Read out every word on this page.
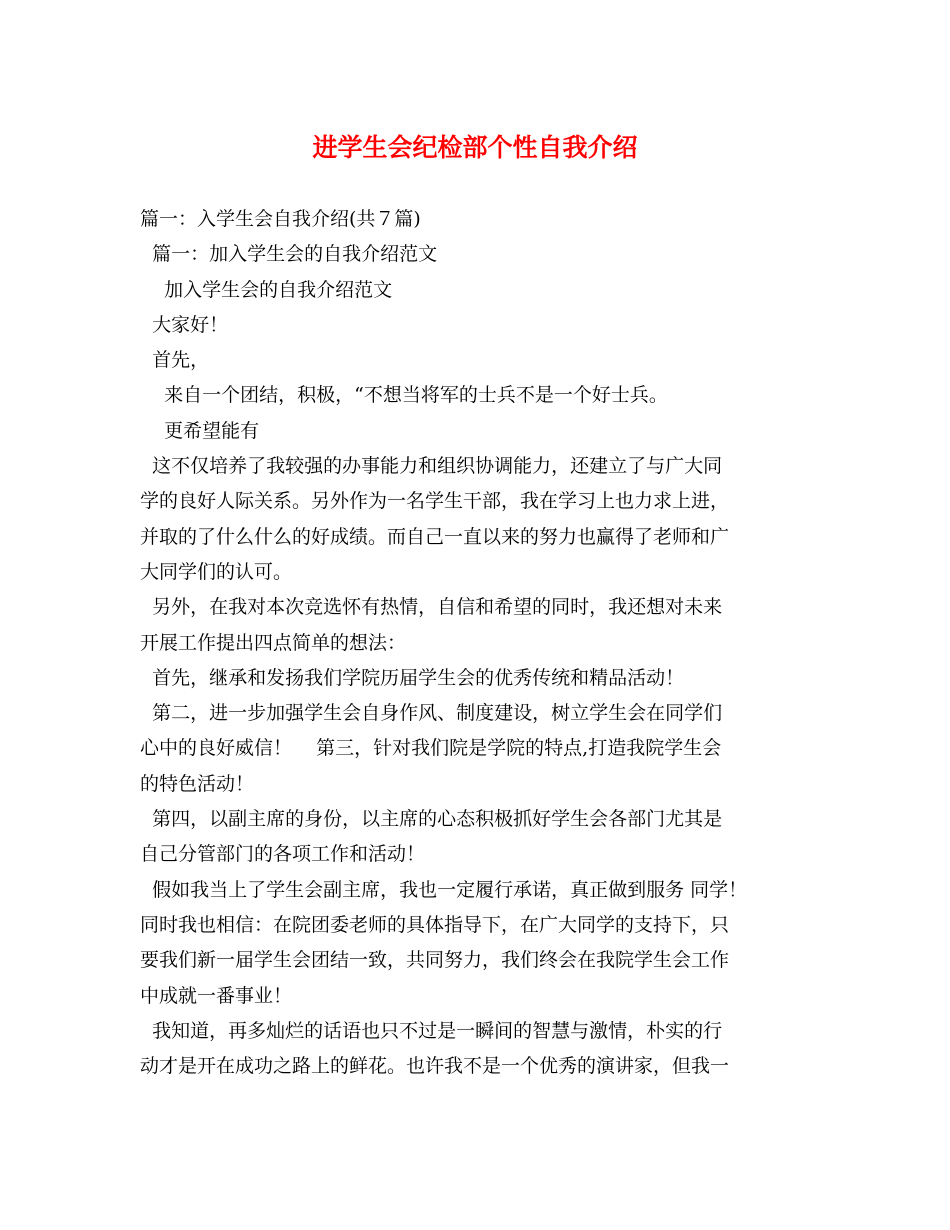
进学生会纪检部个性自我介绍
篇一：入学生会自我介绍(共７篇)
篇一：加入学生会的自我介绍范文
加入学生会的自我介绍范文
大家好！
首先，
来自一个团结，积极，“不想当将军的士兵不是一个好士兵。
更希望能有
这不仅培养了我较强的办事能力和组织协调能力，还建立了与广大同
学的良好人际关系。另外作为一名学生干部，我在学习上也力求上进，
并取的了什么什么的好成绩。而自己一直以来的努力也赢得了老师和广
大同学们的认可。
另外，在我对本次竞选怀有热情，自信和希望的同时，我还想对未来
开展工作提出四点简单的想法：
首先，继承和发扬我们学院历届学生会的优秀传统和精品活动！
第二，进一步加强学生会自身作风、制度建设，树立学生会在同学们
心中的良好威信！    第三，针对我们院是学院的特点,打造我院学生会
的特色活动！
第四，以副主席的身份，以主席的心态积极抓好学生会各部门尤其是
自己分管部门的各项工作和活动！
假如我当上了学生会副主席，我也一定履行承诺，真正做到服务 同学！
同时我也相信：在院团委老师的具体指导下，在广大同学的支持下，只
要我们新一届学生会团结一致，共同努力，我们终会在我院学生会工作
中成就一番事业！
我知道，再多灿烂的话语也只不过是一瞬间的智慧与激情，朴实的行
动才是开在成功之路上的鲜花。也许我不是一个优秀的演讲家，但我一
